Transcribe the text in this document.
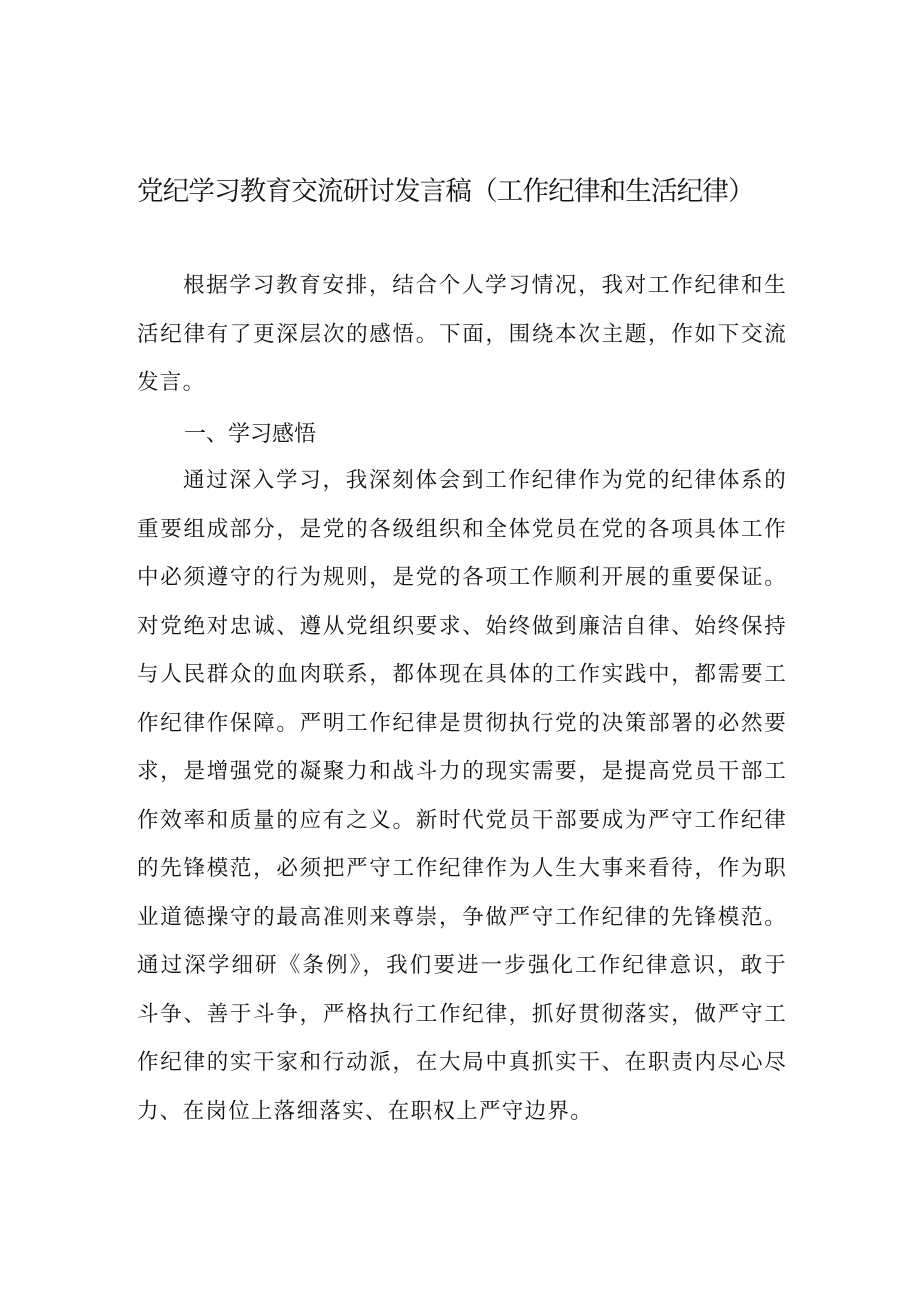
党纪学习教育交流研讨发言稿（工作纪律和生活纪律）

根据学习教育安排，结合个人学习情况，我对工作纪律和生活纪律有了更深层次的感悟。下面，围绕本次主题，作如下交流发言。

一、学习感悟

通过深入学习，我深刻体会到工作纪律作为党的纪律体系的重要组成部分，是党的各级组织和全体党员在党的各项具体工作中必须遵守的行为规则，是党的各项工作顺利开展的重要保证。对党绝对忠诚、遵从党组织要求、始终做到廉洁自律、始终保持与人民群众的血肉联系，都体现在具体的工作实践中，都需要工作纪律作保障。严明工作纪律是贯彻执行党的决策部署的必然要求，是增强党的凝聚力和战斗力的现实需要，是提高党员干部工作效率和质量的应有之义。新时代党员干部要成为严守工作纪律的先锋模范，必须把严守工作纪律作为人生大事来看待，作为职业道德操守的最高准则来尊崇，争做严守工作纪律的先锋模范。通过深学细研《条例》，我们要进一步强化工作纪律意识，敢于斗争、善于斗争，严格执行工作纪律，抓好贯彻落实，做严守工作纪律的实干家和行动派，在大局中真抓实干、在职责内尽心尽力、在岗位上落细落实、在职权上严守边界。
